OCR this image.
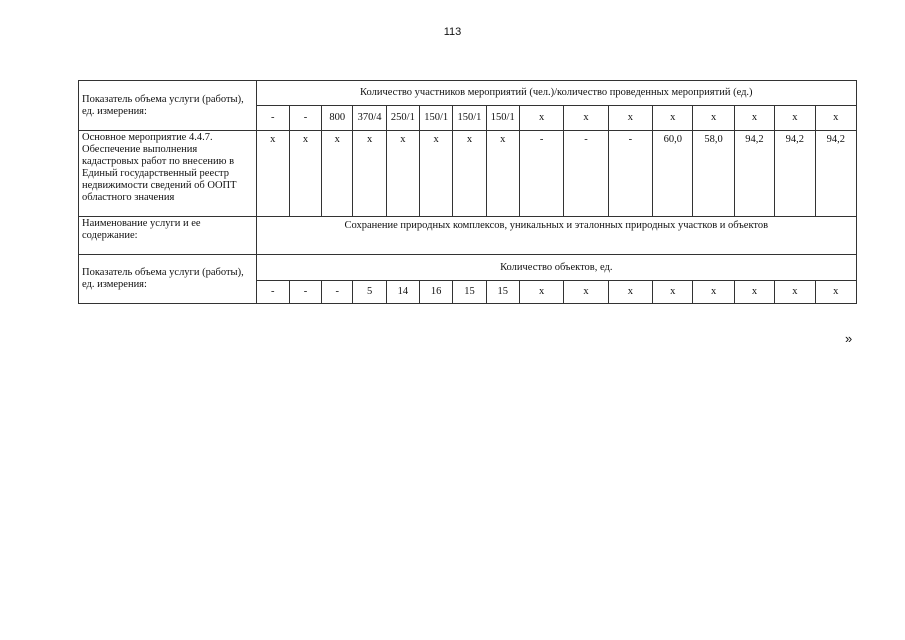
113
Показатель объема услуги (работы), ед. измерения:	Количество участников мероприятий (чел.)/количество проведенных мероприятий (ед.)															
	-	-	800	370/4	250/1	150/1	150/1	150/1	x	x	x	x	x	x	x	x
Основное мероприятие 4.4.7. Обеспечение выполнения кадастровых работ по внесению в Единый государственный реестр недвижимости сведений об ООПТ областного значения	x	x	x	x	x	x	x	x	-	-	-	60,0	58,0	94,2	94,2	94,2
Наименование услуги и ее содержание:	Сохранение природных комплексов, уникальных и эталонных природных участков и объектов															
Показатель объема услуги (работы), ед. измерения:	Количество объектов, ед.															
	-	-	-	5	14	16	15	15	x	x	x	x	x	x	x	x
»
